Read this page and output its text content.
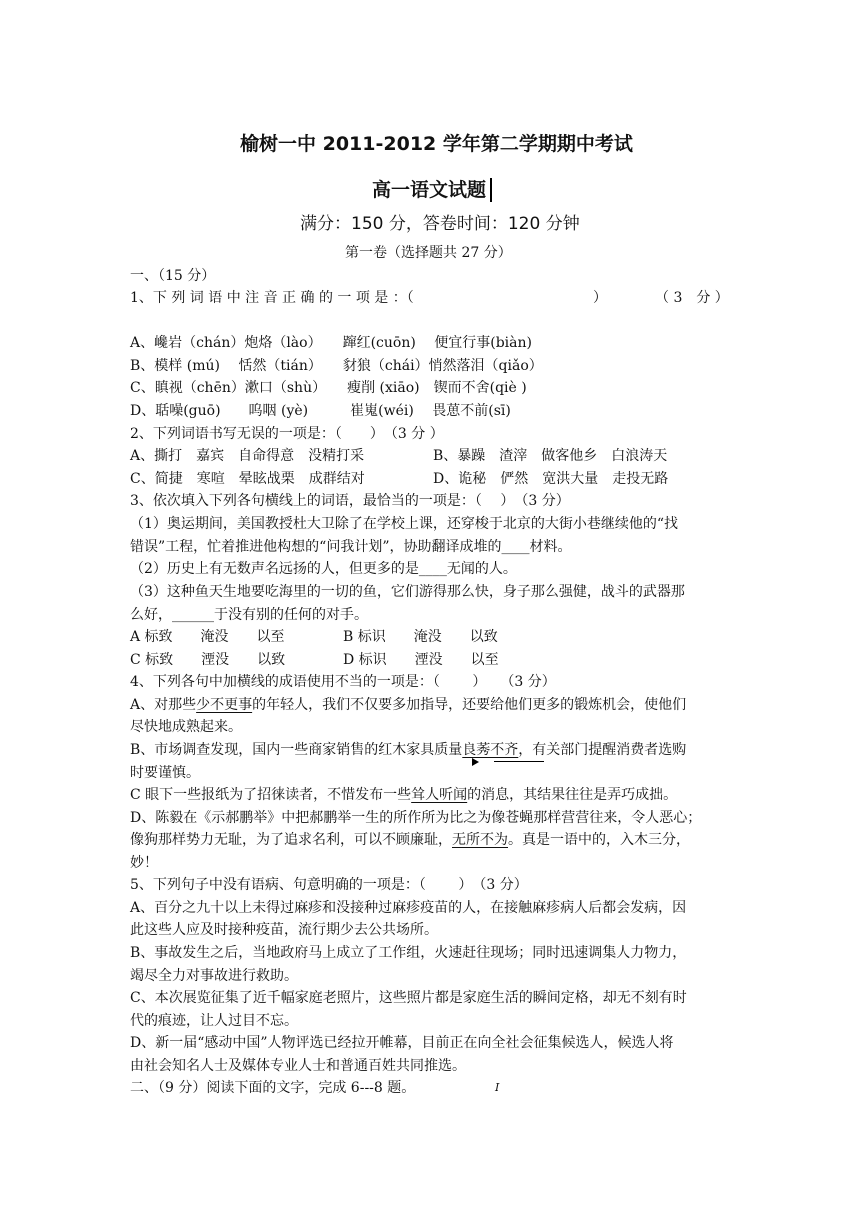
榆树一中 2011-2012 学年第二学期期中考试
高一语文试题
满分：150 分，答卷时间：120 分钟
第一卷（选择题共 27 分）
一、（15 分）
1、下 列 词 语 中 注 音 正 确 的 一 项 是 ：（	）	（ 3　分 ）
A、巉岩（chán）炮烙（lào）　　蹿红(cuōn)　 便宜行事(biàn)
B、模样 (mú)　 恬然（tián）　　豺狼（chái）悄然落泪（qiǎo）
C、瞋视（chēn）漱口（shù）　　瘦削 (xiāo)　锲而不舍(qiè )
D、聒噪(guō)　　呜咽 (yè)　　　崔嵬(wéi)　 畏葸不前(sī)
2、下列词语书写无误的一项是：（　　）　（3 分 ）
A、撕打　嘉宾　自命得意　没精打采	B、暴躁　渣滓　做客他乡　白浪涛天
C、简捷　寒喧　晕眩战栗　成群结对	D、诡秘　俨然　宽洪大量　走投无路
3、依次填入下列各句横线上的词语，最恰当的一项是：（　 ）　（3 分）
（1）奥运期间，美国教授杜大卫除了在学校上课，还穿梭于北京的大街小巷继续他的“找
错误”工程，忙着推进他构想的“问我计划”，协助翻译成堆的____材料。
（2）历史上有无数声名远扬的人，但更多的是____无闻的人。
（3）这种鱼天生地要吃海里的一切的鱼，它们游得那么快，身子那么强健，战斗的武器那
么好，______于没有别的任何的对手。
A 标致　　淹没　　以至	B 标识　　淹没　　以致
C 标致　　湮没　　以致	D 标识　　湮没　　以至
4、下列各句中加横线的成语使用不当的一项是：（　　 ）　　（3 分）
A、对那些少不更事的年轻人，我们不仅要多加指导，还要给他们更多的锻炼机会，使他们
尽快地成熟起来。
B、市场调查发现，国内一些商家销售的红木家具质量良莠不齐，有关部门提醒消费者选购
时要谨慎。
C 眼下一些报纸为了招徕读者，不惜发布一些耸人听闻的消息，其结果往往是弄巧成拙。
D、陈毅在《示郝鹏举》中把郝鹏举一生的所作所为比之为像苍蝇那样营营往来，令人恶心；
像狗那样势力无耻，为了追求名利，可以不顾廉耻，无所不为。真是一语中的，入木三分，
妙！
5、下列句子中没有语病、句意明确的一项是：（　　 ）　（3 分）
A、百分之九十以上未得过麻疹和没接种过麻疹疫苗的人，在接触麻疹病人后都会发病，因
此这些人应及时接种疫苗，流行期少去公共场所。
B、事故发生之后，当地政府马上成立了工作组，火速赶往现场；同时迅速调集人力物力，
竭尽全力对事故进行救助。
C、本次展览征集了近千幅家庭老照片，这些照片都是家庭生活的瞬间定格，却无不刻有时
代的痕迹，让人过目不忘。
D、新一届“感动中国”人物评选已经拉开帷幕，目前正在向全社会征集候选人，候选人将
由社会知名人士及媒体专业人士和普通百姓共同推选。
二、（9 分）阅读下面的文字，完成 6---8 题。	I
